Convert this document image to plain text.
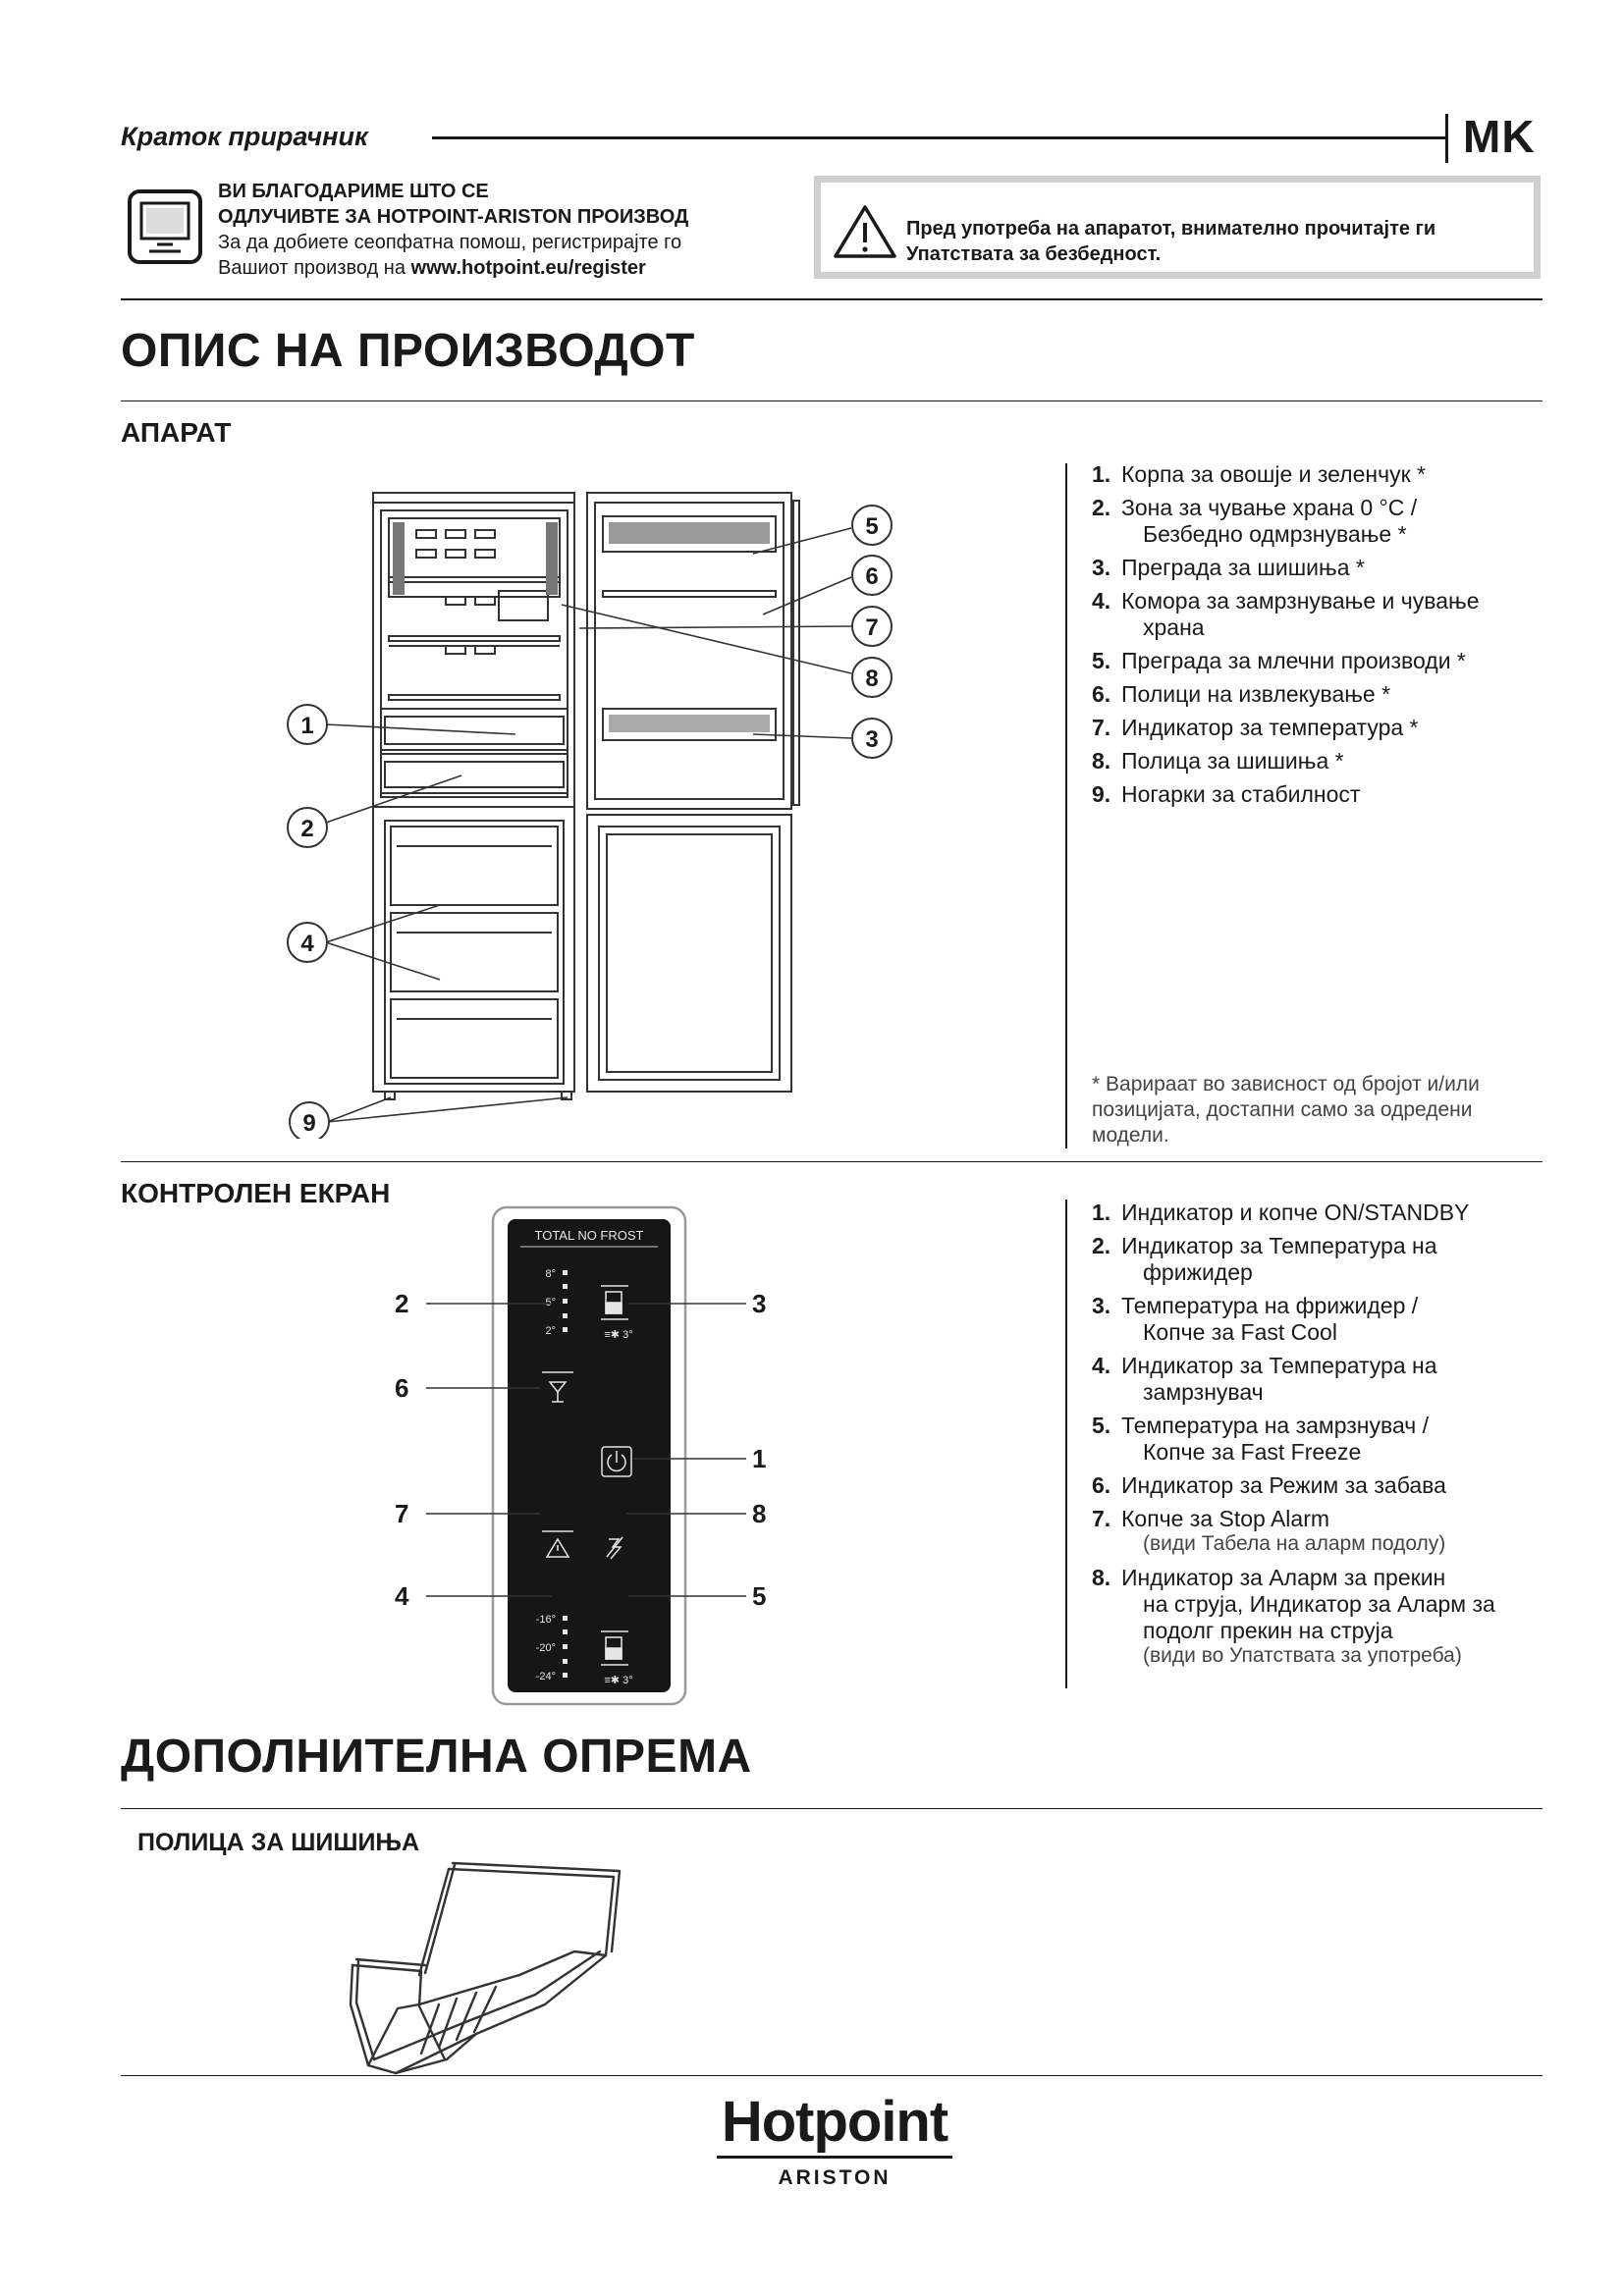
Краток прирачник	MK
ВИ БЛАГОДАРИМЕ ШТО СЕ
ОДЛУЧИВТЕ ЗА HOTPOINT-ARISTON ПРОИЗВОД
За да добиете сеопфатна помош, регистрирајте го
Вашиот производ на www.hotpoint.eu/register
Пред употреба на апаратот, внимателно прочитајте ги
Упатствата за безбедност.
ОПИС НА ПРОИЗВОДОТ
АПАРАТ
1
2
3
4
5
6
7
8
9
1. Корпа за овошје и зеленчук *
2. Зона за чување храна 0 °C /
Безбедно одмрзнување *
3. Преграда за шишиња *
4. Комора за замрзнување и чување
храна
5. Преграда за млечни производи *
6. Полици на извлекување *
7. Индикатор за температура *
8. Полица за шишиња *
9. Ногарки за стабилност
* Варираат во зависност од бројот и/или
позицијата, достапни само за одредени
модели.
КОНТРОЛЕН ЕКРАН
TOTAL NO FROST
8°
5°
2°	≡✱ 3°
-16°
-20°
-24°	≡✱ 3°
2
6
7
4
3
1
8
5
1. Индикатор и копче ON/STANDBY
2. Индикатор за Температура на
фрижидер
3. Температура на фрижидер /
Копче за Fast Cool
4. Индикатор за Температура на
замрзнувач
5. Температура на замрзнувач /
Копче за Fast Freeze
6. Индикатор за Режим за забава
7. Копче за Stop Alarm
(види Табела на аларм подолу)
8. Индикатор за Аларм за прекин
на струја, Индикатор за Аларм за
подолг прекин на струја
(види во Упатствата за употреба)
ДОПОЛНИТЕЛНА ОПРЕМА
ПОЛИЦА ЗА ШИШИЊА
Hotpoint
ARISTON
